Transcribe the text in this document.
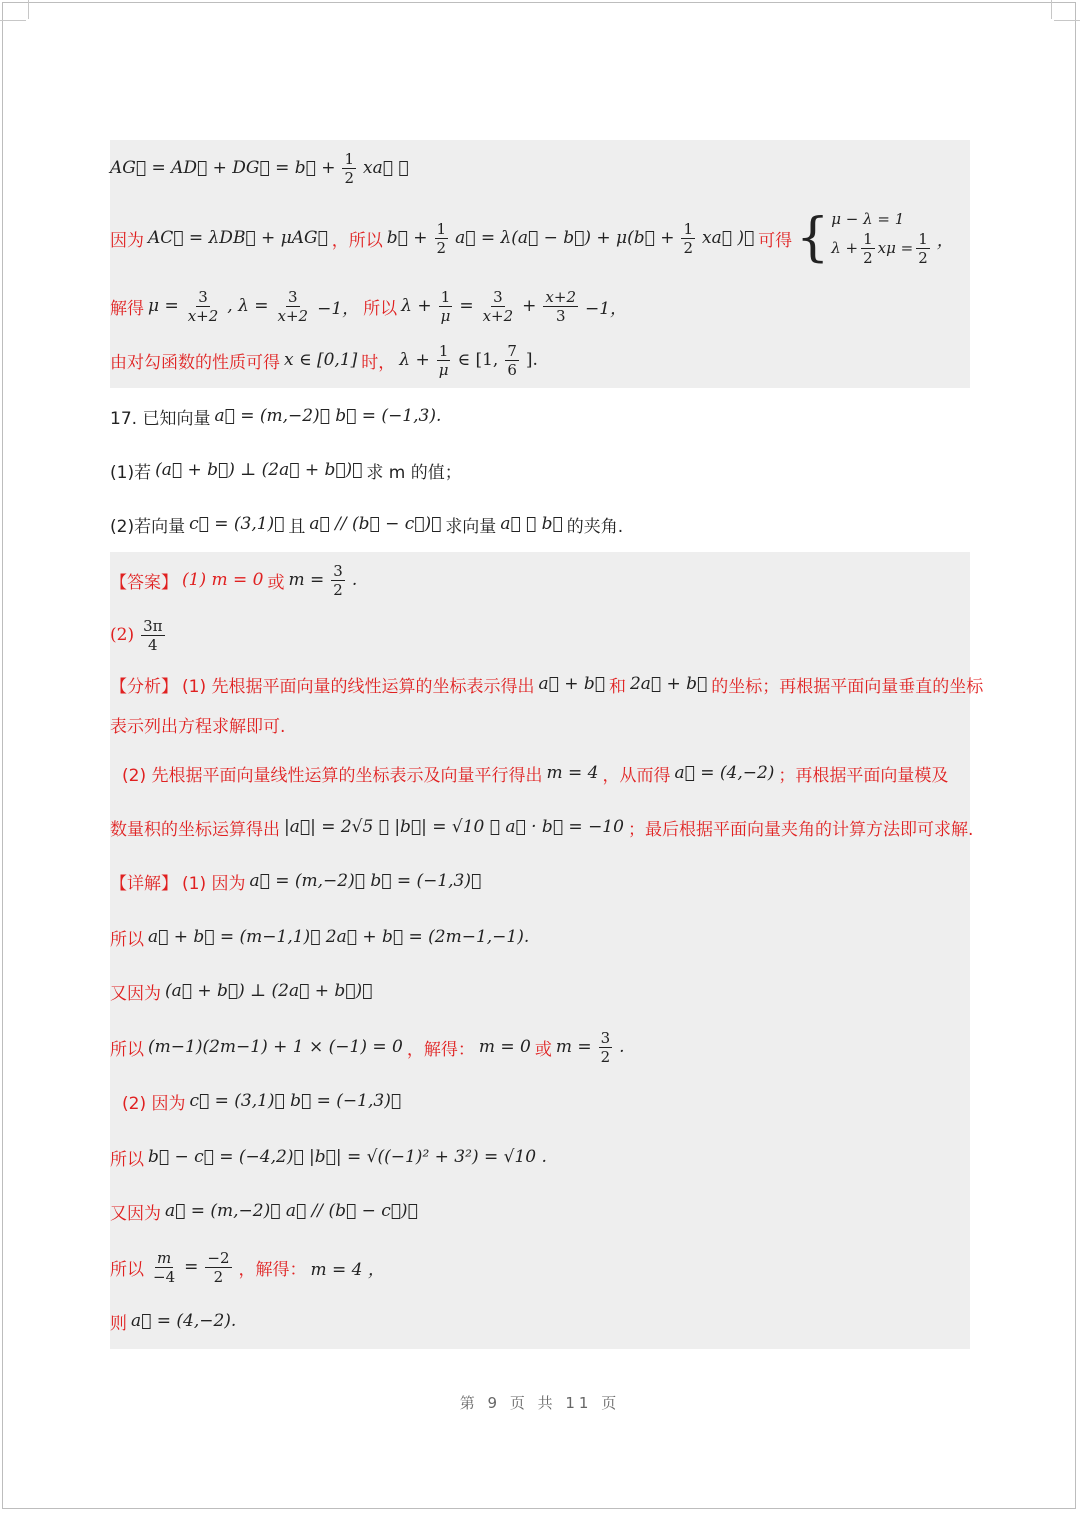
AG⃗ = AD⃗ + DG⃗ = b⃗ + $\frac{1}{2}$ xa⃗ ，
因为 AC⃗ = λDB⃗ + μAG⃗ ，所以 b⃗ + $\frac{1}{2}$ a⃗ = λ(a⃗ − b⃗) + μ(b⃗ + $\frac{1}{2}$ xa⃗ )， 可得 { μ − λ = 1
$\lambda + \frac{1}{2}$ $x\mu = \frac{1}{2}$ ，
解得 $\mu = \frac{3}{x+2}$ , $\lambda = \frac{3}{x+2} -1$， 所以 $\lambda + \frac{1}{\mu} = \frac{3}{x+2} + \frac{x+2}{3} -1$，
由对勾函数的性质可得 x ∈ [0,1] 时， $\lambda + \frac{1}{\mu}$ ∈ [1, $\frac{7}{6}$ ].
17. 已知向量 a⃗ = (m,−2)， b⃗ = (−1,3).
(1)若 (a⃗ + b⃗) ⊥ (2a⃗ + b⃗)， 求 m 的值；
(2)若向量 c⃗ = (3,1)， 且 a⃗ // (b⃗ − c⃗)， 求向量 a⃗ ， b⃗ 的夹角.
【答案】 (1) m = 0 或 $m = \frac{3}{2}$ .
$(2) \frac{3\pi}{4}$
【分析】 (1) 先根据平面向量的线性运算的坐标表示得出 a⃗ + b⃗ 和 2a⃗ + b⃗ 的坐标；再根据平面向量垂直的坐标
表示列出方程求解即可.
(2) 先根据平面向量线性运算的坐标表示及向量平行得出 m = 4 ，从而得 a⃗ = (4,−2) ；再根据平面向量模及
数量积的坐标运算得出 |a⃗| = 2√5 ， |b⃗| = √10 ， a⃗ · b⃗ = −10 ；最后根据平面向量夹角的计算方法即可求解.
【详解】 (1) 因为 a⃗ = (m,−2)， b⃗ = (−1,3)，
所以 a⃗ + b⃗ = (m−1,1)， 2a⃗ + b⃗ = (2m−1,−1).
又因为 (a⃗ + b⃗) ⊥ (2a⃗ + b⃗)，
所以 (m−1)(2m−1) + 1 × (−1) = 0 ，解得： m = 0 或 $m = \frac{3}{2}$ .
(2) 因为 c⃗ = (3,1)， b⃗ = (−1,3)，
所以 b⃗ − c⃗ = (−4,2)， |b⃗| = √((−1)² + 3²) = √10 .
又因为 a⃗ = (m,−2)， a⃗ // (b⃗ − c⃗)，
所以 $\frac{m}{-4} = \frac{-2}{2}$ ，解得： m = 4 ，
则 a⃗ = (4,−2).
第 9 页 共 11 页
